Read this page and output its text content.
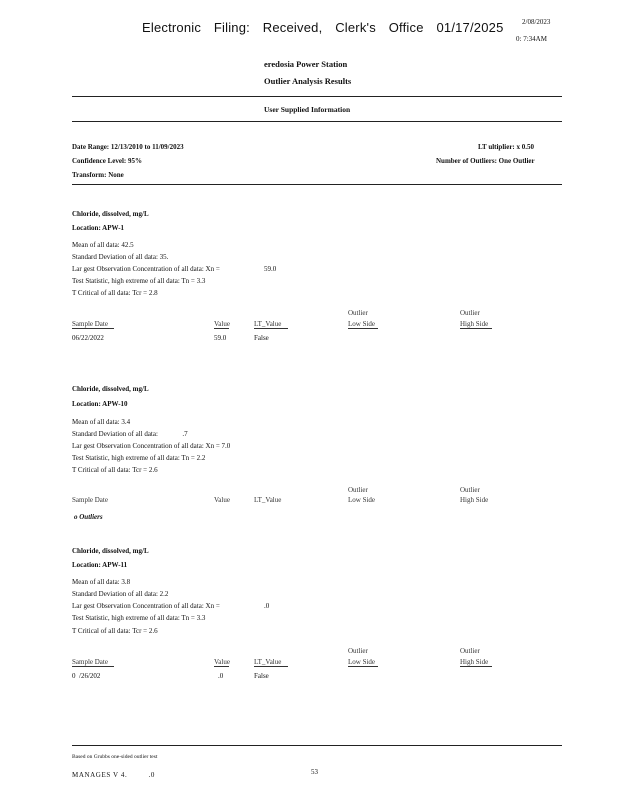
Electronic Filing: Received, Clerk's Office 01/17/2025	2/08/2023
0: 7:34AM
eredosia Power Station
Outlier Analysis Results
User Supplied Information
Date Range: 12/13/2010 to 11/09/2023
Confidence Level: 95%
Transform: None
LT ultiplier: x 0.50
Number of Outliers: One Outlier
Chloride, dissolved, mg/L
Location: APW-1
Mean of all data: 42.5
Standard Deviation of all data: 35.
Lar gest Observation Concentration of all data: Xn =	59.0
Test Statistic, high extreme of all data: Tn = 3.3
T Critical of all data: Tcr = 2.8
Outlier	Outlier
Sample Date	Value	LT_Value	Low Side	High Side
06/22/2022	59.0	False
Chloride, dissolved, mg/L
Location: APW-10
Mean of all data: 3.4
Standard Deviation of all data:              .7
Lar gest Observation Concentration of all data: Xn = 7.0
Test Statistic, high extreme of all data: Tn = 2.2
T Critical of all data: Tcr = 2.6
Outlier	Outlier
Sample Date	Value	LT_Value	Low Side	High Side
o Outliers
Chloride, dissolved, mg/L
Location: APW-11
Mean of all data: 3.8
Standard Deviation of all data: 2.2
Lar gest Observation Concentration of all data: Xn =	.0
Test Statistic, high extreme of all data: Tn = 3.3
T Critical of all data: Tcr = 2.6
Outlier	Outlier
Sample Date	Value	LT_Value	Low Side	High Side
0  /26/202	.0	False
Based on Grubbs one-sided outlier test
MANAGES V 4.         .0	53
